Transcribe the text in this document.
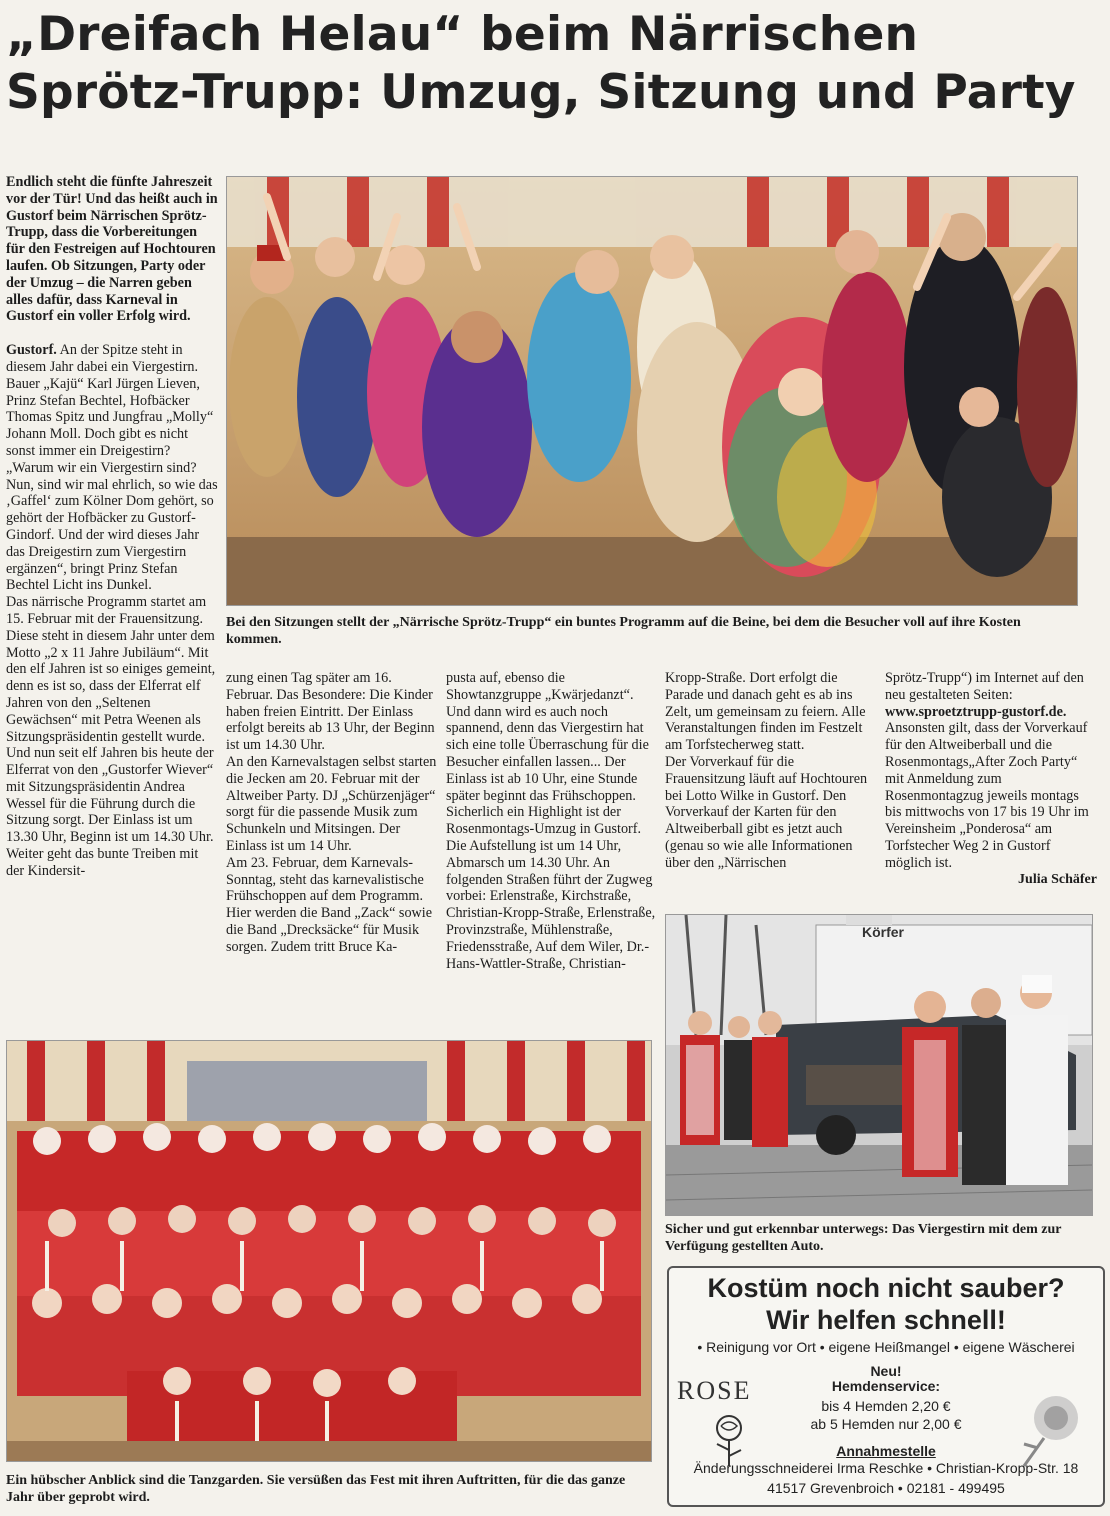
„Dreifach Helau“ beim Närrischen
Sprötz-Trupp: Umzug, Sitzung und Party

Endlich steht die fünfte Jahreszeit vor der Tür! Und das heißt auch in Gustorf beim Närrischen Sprötz-Trupp, dass die Vorbereitungen für den Festreigen auf Hochtouren laufen. Ob Sitzungen, Party oder der Umzug – die Narren geben alles dafür, dass Karneval in Gustorf ein voller Erfolg wird.

Gustorf. An der Spitze steht in diesem Jahr dabei ein Viergestirn. Bauer „Kajü“ Karl Jürgen Lieven, Prinz Stefan Bechtel, Hofbäcker Thomas Spitz und Jungfrau „Molly“ Johann Moll. Doch gibt es nicht sonst immer ein Dreigestirn? „Warum wir ein Viergestirn sind? Nun, sind wir mal ehrlich, so wie das ‚Gaffel‘ zum Kölner Dom gehört, so gehört der Hofbäcker zu Gustorf-Gindorf. Und der wird dieses Jahr das Dreigestirn zum Viergestirn ergänzen“, bringt Prinz Stefan Bechtel Licht ins Dunkel.

Das närrische Programm startet am 15. Februar mit der Frauensitzung. Diese steht in diesem Jahr unter dem Motto „2 x 11 Jahre Jubiläum“. Mit den elf Jahren ist so einiges gemeint, denn es ist so, dass der Elferrat elf Jahren von den „Seltenen Gewächsen“ mit Petra Weenen als Sitzungspräsidentin gestellt wurde. Und nun seit elf Jahren bis heute der Elferrat von den „Gustorfer Wiever“ mit Sitzungspräsidentin Andrea Wessel für die Führung durch die Sitzung sorgt. Der Einlass ist um 13.30 Uhr, Beginn ist um 14.30 Uhr. Weiter geht das bunte Treiben mit der Kindersit-

Bei den Sitzungen stellt der „Närrische Sprötz-Trupp“ ein buntes Programm auf die Beine, bei dem die Besucher voll auf ihre Kosten kommen.

zung einen Tag später am 16. Februar. Das Besondere: Die Kinder haben freien Eintritt. Der Einlass erfolgt bereits ab 13 Uhr, der Beginn ist um 14.30 Uhr.

An den Karnevalstagen selbst starten die Jecken am 20. Februar mit der Altweiber Party. DJ „Schürzenjäger“ sorgt für die passende Musik zum Schunkeln und Mitsingen. Der Einlass ist um 14 Uhr.

Am 23. Februar, dem Karnevals-Sonntag, steht das karnevalistische Frühschoppen auf dem Programm. Hier werden die Band „Zack“ sowie die Band „Drecksäcke“ für Musik sorgen. Zudem tritt Bruce Ka-

pusta auf, ebenso die Showtanzgruppe „Kwärjedanzt“. Und dann wird es auch noch spannend, denn das Viergestirn hat sich eine tolle Überraschung für die Besucher einfallen lassen... Der Einlass ist ab 10 Uhr, eine Stunde später beginnt das Frühschoppen.

Sicherlich ein Highlight ist der Rosenmontags-Umzug in Gustorf. Die Aufstellung ist um 14 Uhr, Abmarsch um 14.30 Uhr. An folgenden Straßen führt der Zugweg vorbei: Erlenstraße, Kirchstraße, Christian-Kropp-Straße, Erlenstraße, Provinzstraße, Mühlenstraße, Friedensstraße, Auf dem Wiler, Dr.-Hans-Wattler-Straße, Christian-

Kropp-Straße. Dort erfolgt die Parade und danach geht es ab ins Zelt, um gemeinsam zu feiern. Alle Veranstaltungen finden im Festzelt am Torfstecherweg statt.

Der Vorverkauf für die Frauensitzung läuft auf Hochtouren bei Lotto Wilke in Gustorf. Den Vorverkauf der Karten für den Altweiberball gibt es jetzt auch (genau so wie alle Informationen über den „Närrischen

Sprötz-Trupp“) im Internet auf den neu gestalteten Seiten:
www.sproetztrupp-gustorf.de.
Ansonsten gilt, dass der Vorverkauf für den Altweiberball und die Rosenmontags„After Zoch Party“ mit Anmeldung zum Rosenmontagzug jeweils montags bis mittwochs von 17 bis 19 Uhr im Vereinsheim „Ponderosa“ am Torfstecher Weg 2 in Gustorf möglich ist.

Julia Schäfer
Körfer
Sicher und gut erkennbar unterwegs: Das Viergestirn mit dem zur Verfügung gestellten Auto.
Ein hübscher Anblick sind die Tanzgarden. Sie versüßen das Fest mit ihren Auftritten, für die das ganze Jahr über geprobt wird.
Kostüm noch nicht sauber?
Wir helfen schnell!
• Reinigung vor Ort • eigene Heißmangel • eigene Wäscherei
ROSE
Neu!
Hemdenservice:
bis 4 Hemden 2,20 €
ab 5 Hemden nur 2,00 €
Annahmestelle
Änderungsschneiderei Irma Reschke • Christian-Kropp-Str. 18
41517 Grevenbroich • 02181 - 499495
